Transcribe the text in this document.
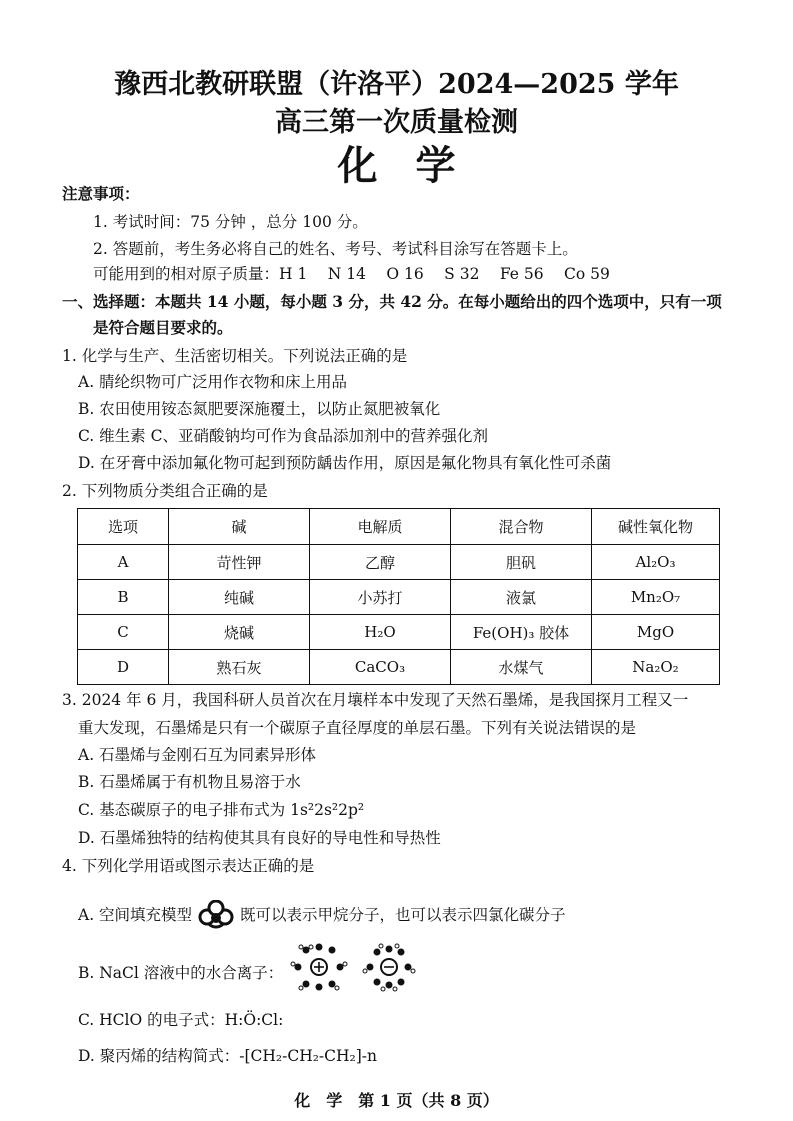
豫西北教研联盟（许洛平）2024—2025 学年
高三第一次质量检测
化学
注意事项：
1. 考试时间：75 分钟 ，总分 100 分。
2. 答题前，考生务必将自己的姓名、考号、考试科目涂写在答题卡上。
可能用到的相对原子质量：H 1　 N 14　 O 16　 S 32　 Fe 56　 Co 59
一、选择题：本题共 14 小题，每小题 3 分，共 42 分。在每小题给出的四个选项中，只有一项
是符合题目要求的。
1. 化学与生产、生活密切相关。下列说法正确的是
A. 腈纶织物可广泛用作衣物和床上用品
B. 农田使用铵态氮肥要深施覆土，以防止氮肥被氧化
C. 维生素 C、亚硝酸钠均可作为食品添加剂中的营养强化剂
D. 在牙膏中添加氟化物可起到预防龋齿作用，原因是氟化物具有氧化性可杀菌
2. 下列物质分类组合正确的是
选项	碱	电解质	混合物	碱性氧化物
A	苛性钾	乙醇	胆矾	Al₂O₃
B	纯碱	小苏打	液氯	Mn₂O₇
C	烧碱	H₂O	Fe(OH)₃ 胶体	MgO
D	熟石灰	CaCO₃	水煤气	Na₂O₂
3. 2024 年 6 月，我国科研人员首次在月壤样本中发现了天然石墨烯，是我国探月工程又一
重大发现，石墨烯是只有一个碳原子直径厚度的单层石墨。下列有关说法错误的是
A. 石墨烯与金刚石互为同素异形体
B. 石墨烯属于有机物且易溶于水
C. 基态碳原子的电子排布式为 1s²2s²2p²
D. 石墨烯独特的结构使其具有良好的导电性和导热性
4. 下列化学用语或图示表达正确的是
A. 空间填充模型	既可以表示甲烷分子，也可以表示四氯化碳分子
B. NaCl 溶液中的水合离子：
C. HClO 的电子式：H:Ö:Cl:
D. 聚丙烯的结构简式：-[CH₂-CH₂-CH₂]-n
化　学　第 1 页（共 8 页）
